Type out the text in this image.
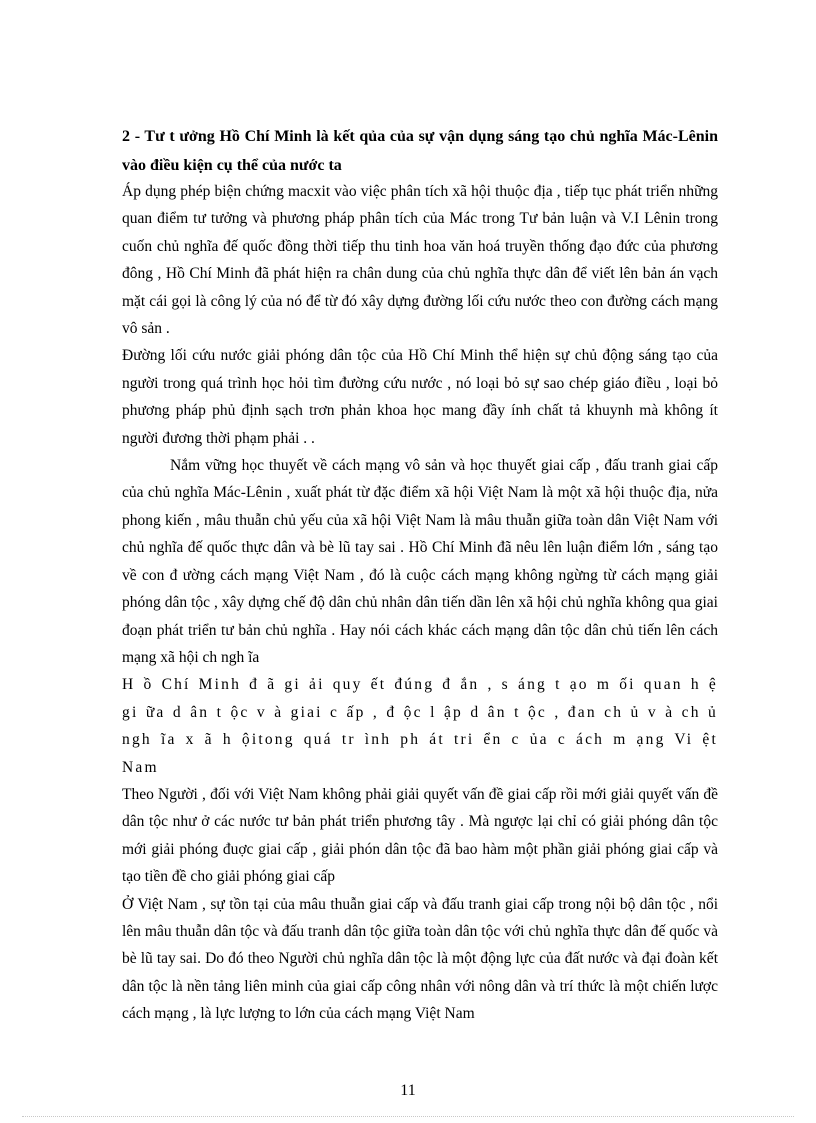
2 - Tư t ưởng Hồ Chí Minh là kết qủa của sự vận dụng sáng tạo chủ nghĩa Mác-Lênin vào điều kiện cụ thể của nước ta

Áp dụng phép biện chứng macxit vào việc phân tích xã hội thuộc địa , tiếp tục phát triển những quan điểm tư tưởng và phương pháp phân tích của Mác trong Tư bản luận và V.I Lênin trong cuốn chủ nghĩa đế quốc đồng thời tiếp thu tinh hoa văn hoá truyền thống đạo đức của phương đông , Hồ Chí Minh đã phát hiện ra chân dung của chủ nghĩa thực dân để viết lên bản án vạch mặt cái gọi là công lý của nó để từ đó xây dựng đường lối cứu nước theo con đường cách mạng vô sản .

Đường lối cứu nước giải phóng dân tộc của Hồ Chí Minh thể hiện sự chủ động sáng tạo của người trong quá trình học hỏi tìm đường cứu nước , nó loại bỏ sự sao chép giáo điều , loại bỏ phương pháp phủ định sạch trơn phản khoa học mang đầy ính chất tả khuynh mà không ít người đương thời phạm phải . .

Nắm vững học thuyết về cách mạng vô sản và học thuyết giai cấp , đấu tranh giai cấp của chủ nghĩa Mác-Lênin , xuất phát từ đặc điểm xã hội Việt Nam là một xã hội thuộc địa, nửa phong kiến , mâu thuẫn chủ yếu của xã hội Việt Nam là mâu thuẫn giữa toàn dân Việt Nam với chủ nghĩa đế quốc thực dân và bè lũ tay sai . Hồ Chí Minh đã nêu lên luận điểm lớn , sáng tạo về con đ ường cách mạng Việt Nam , đó là cuộc cách mạng không ngừng từ cách mạng giải phóng dân tộc , xây dựng chế độ dân chủ nhân dân tiến dần lên xã hội chủ nghĩa không qua giai đoạn phát triển tư bản chủ nghĩa . Hay nói cách khác cách mạng dân tộc dân chủ tiến lên cách mạng xã hội ch ngh ĩa

H ồ Chí Minh đ ã gi ải quy ết đúng đ ắn , s áng t ạo m ối quan h ệ gi ữa d ân t ộc v à giai c ấp , đ ộc l ập d ân t ộc , đan ch ủ v à ch ủ ngh ĩa x ã h ộitong quá tr ình ph át tri ển c ủa c ách m ạng Vi ệt Nam

Theo Người , đối với Việt Nam không phải giải quyết vấn đề giai cấp rồi mới giải quyết vấn đề dân tộc như ở các nước tư bản phát triển phương tây . Mà ngược lại chỉ có giải phóng dân tộc mới giải phóng đuợc giai cấp , giải phón dân tộc đã bao hàm một phần giải phóng giai cấp và tạo tiền đề cho giải phóng giai cấp

Ở Việt Nam , sự tồn tại của mâu thuẫn giai cấp và đấu tranh giai cấp trong nội bộ dân tộc , nổi lên mâu thuẫn dân tộc và đấu tranh dân tộc giữa toàn dân tộc với chủ nghĩa thực dân đế quốc và bè lũ tay sai. Do đó theo Người chủ nghĩa dân tộc là một động lực của đất nước và đại đoàn kết dân tộc là nền tảng liên minh của giai cấp công nhân với nông dân và trí thức là một chiến lược cách mạng , là lực lượng to lớn của cách mạng Việt Nam

11
